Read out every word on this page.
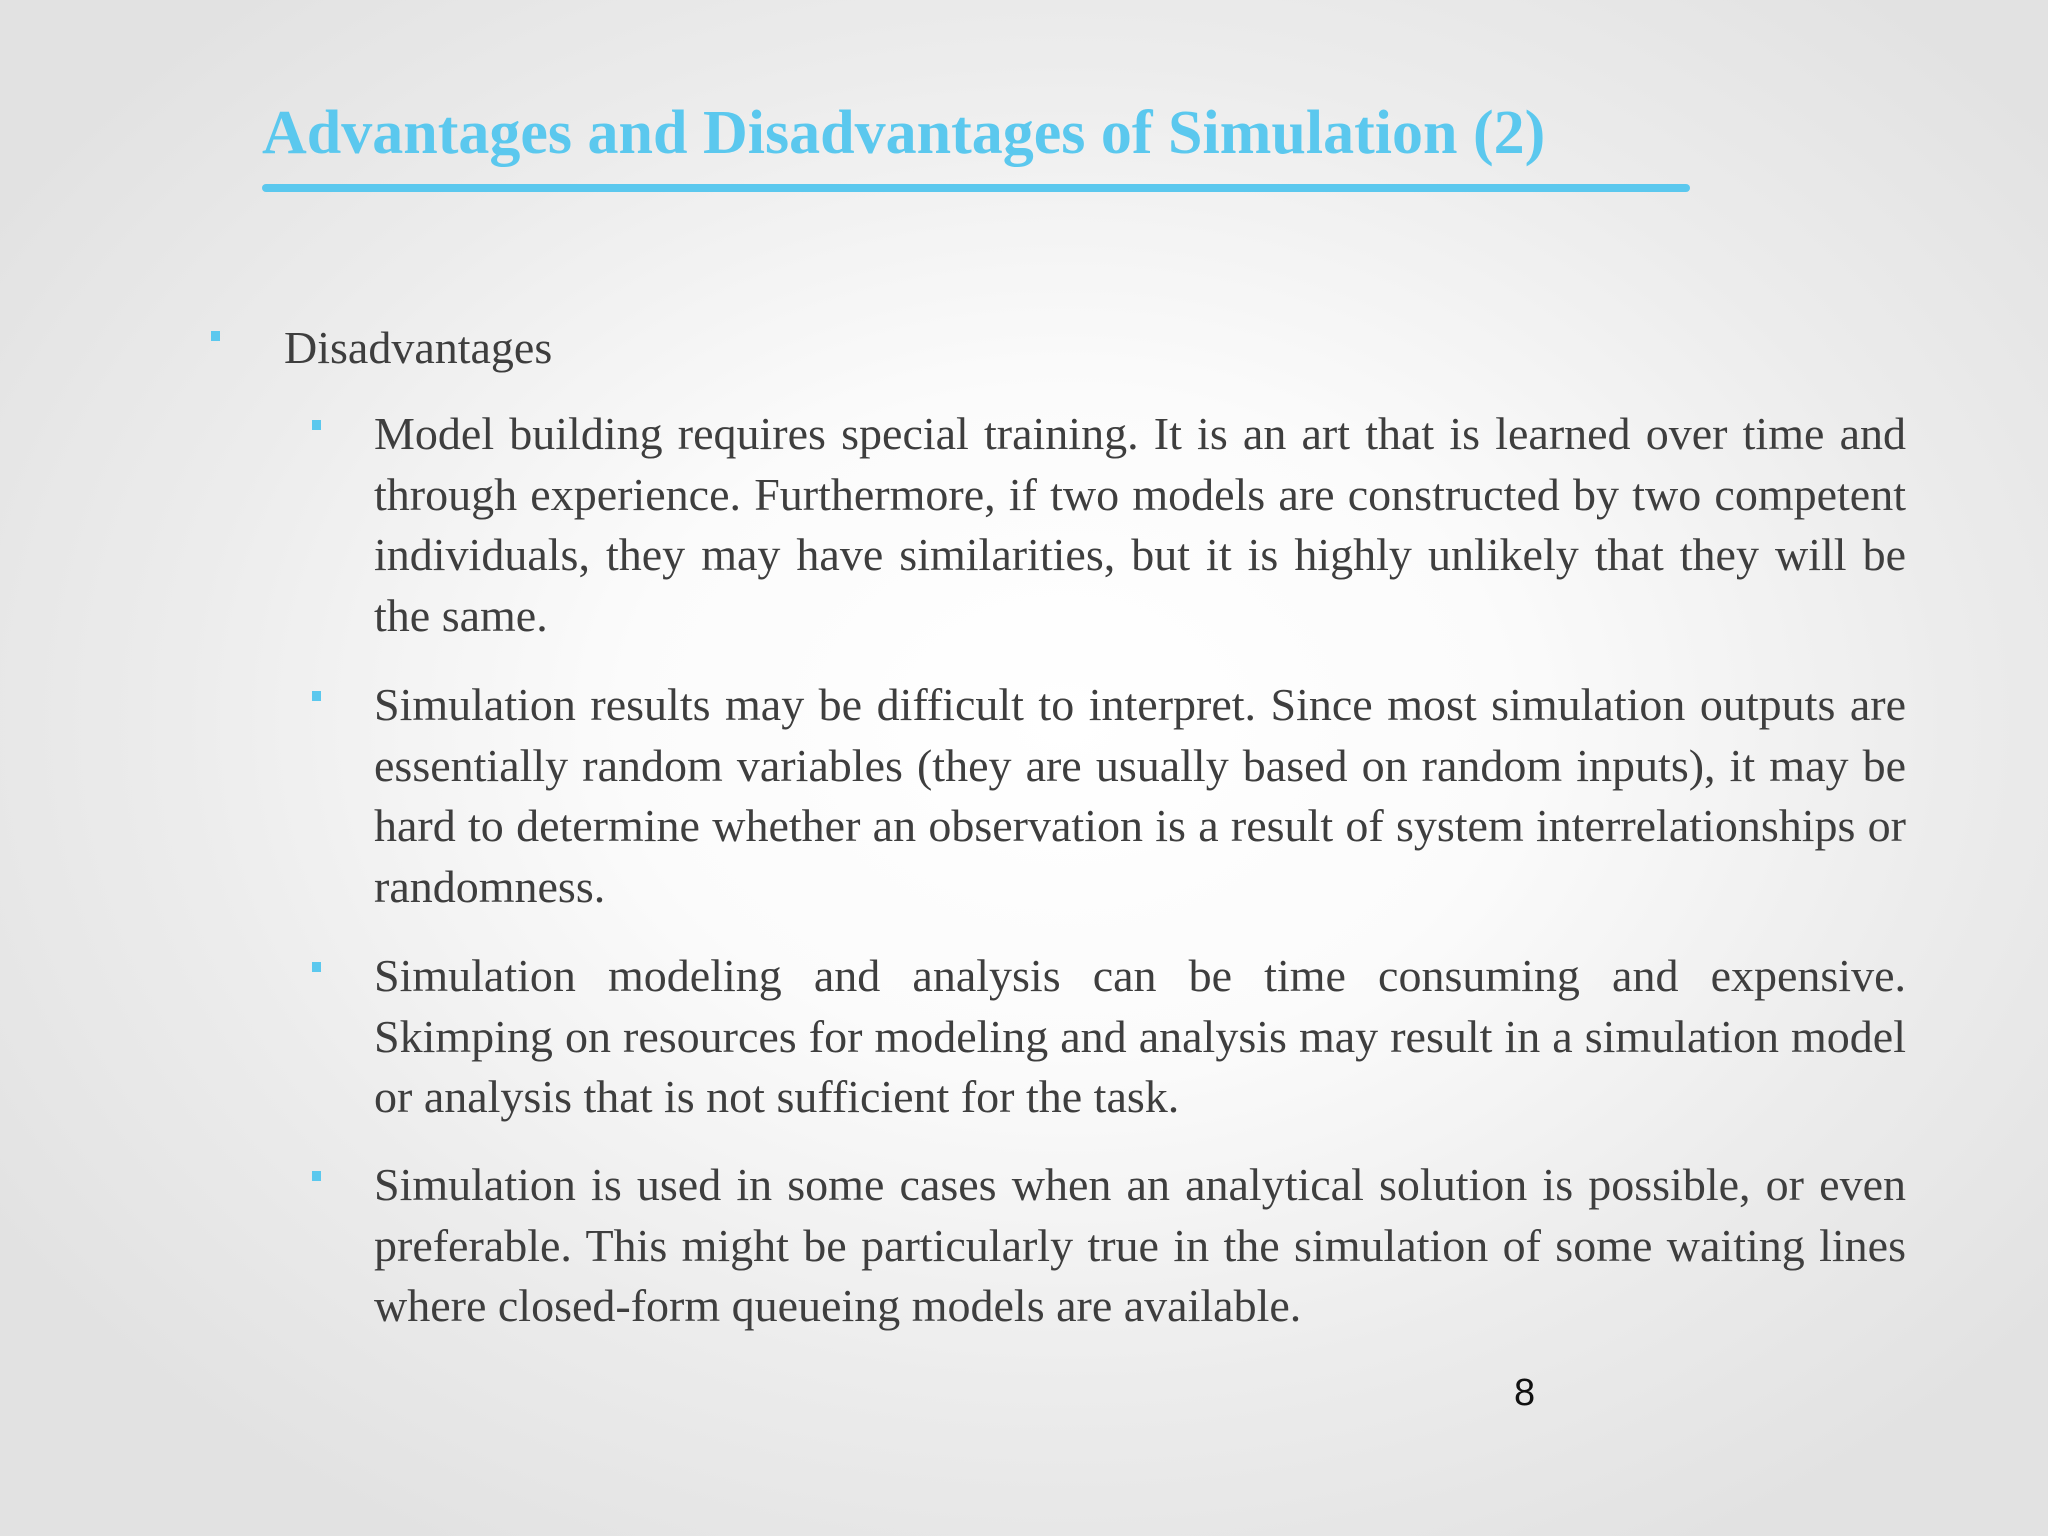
Advantages and Disadvantages of Simulation (2)
Disadvantages

Model building requires special training. It is an art that is learned over time and through experience. Furthermore, if two models are constructed by two competent individuals, they may have similarities, but it is highly unlikely that they will be the same.

Simulation results may be difficult to interpret. Since most simulation outputs are essentially random variables (they are usually based on random inputs), it may be hard to determine whether an observation is a result of system interrelationships or randomness.

Simulation modeling and analysis can be time consuming and expensive. Skimping on resources for modeling and analysis may result in a simulation model or analysis that is not sufficient for the task.

Simulation is used in some cases when an analytical solution is possible, or even preferable. This might be particularly true in the simulation of some waiting lines where closed-form queueing models are available.

8
